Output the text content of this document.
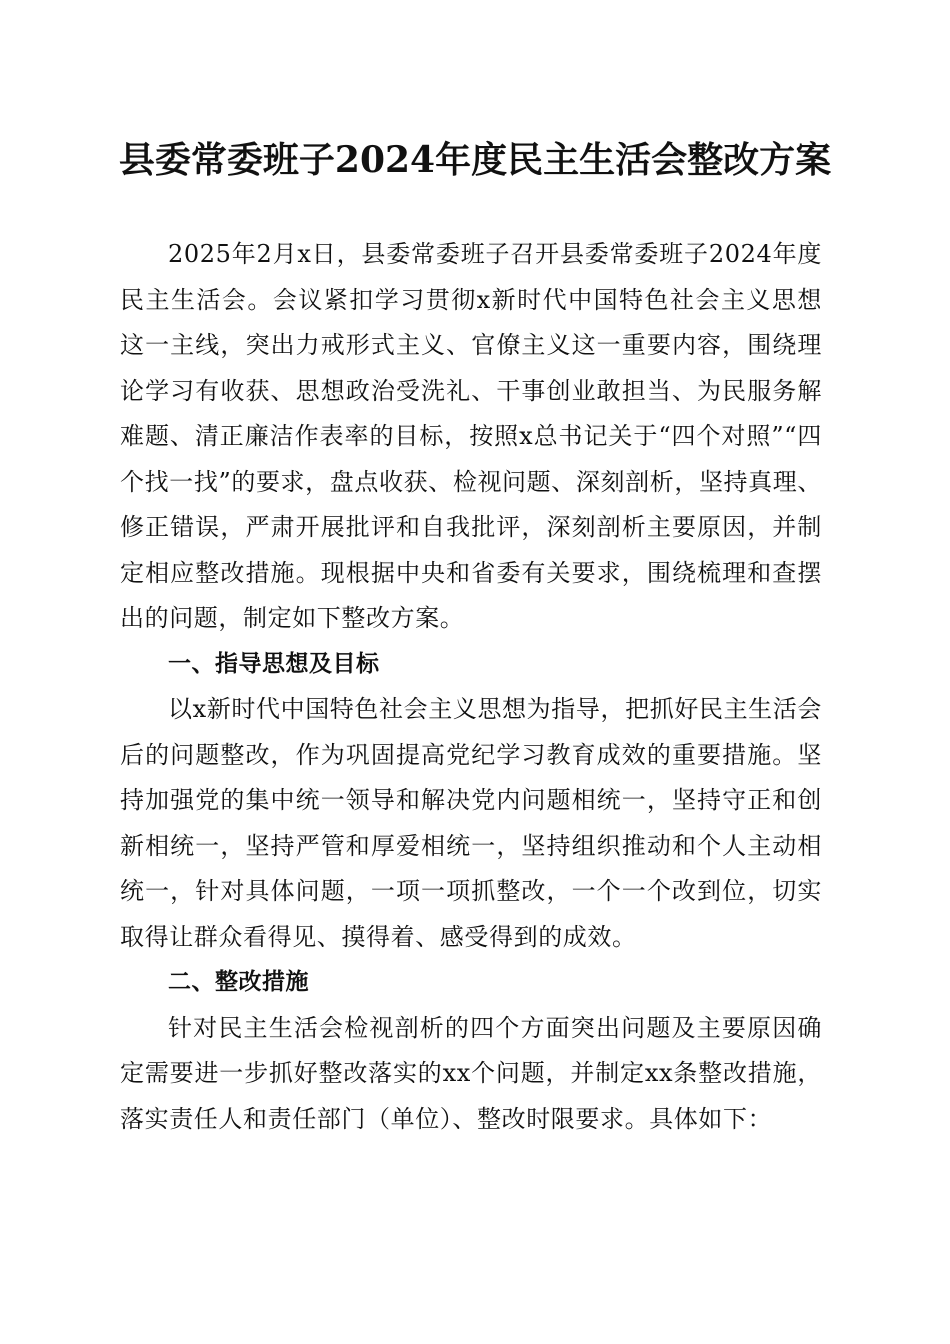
县委常委班子2024年度民主生活会整改方案

2025年2月x日，县委常委班子召开县委常委班子2024年度民主生活会。会议紧扣学习贯彻x新时代中国特色社会主义思想这一主线，突出力戒形式主义、官僚主义这一重要内容，围绕理论学习有收获、思想政治受洗礼、干事创业敢担当、为民服务解难题、清正廉洁作表率的目标，按照x总书记关于“四个对照”“四个找一找”的要求，盘点收获、检视问题、深刻剖析，坚持真理、修正错误，严肃开展批评和自我批评，深刻剖析主要原因，并制定相应整改措施。现根据中央和省委有关要求，围绕梳理和查摆出的问题，制定如下整改方案。

一、指导思想及目标

以x新时代中国特色社会主义思想为指导，把抓好民主生活会后的问题整改，作为巩固提高党纪学习教育成效的重要措施。坚持加强党的集中统一领导和解决党内问题相统一，坚持守正和创新相统一，坚持严管和厚爱相统一，坚持组织推动和个人主动相统一，针对具体问题，一项一项抓整改，一个一个改到位，切实取得让群众看得见、摸得着、感受得到的成效。

二、整改措施

针对民主生活会检视剖析的四个方面突出问题及主要原因确定需要进一步抓好整改落实的xx个问题，并制定xx条整改措施，落实责任人和责任部门（单位）、整改时限要求。具体如下：
